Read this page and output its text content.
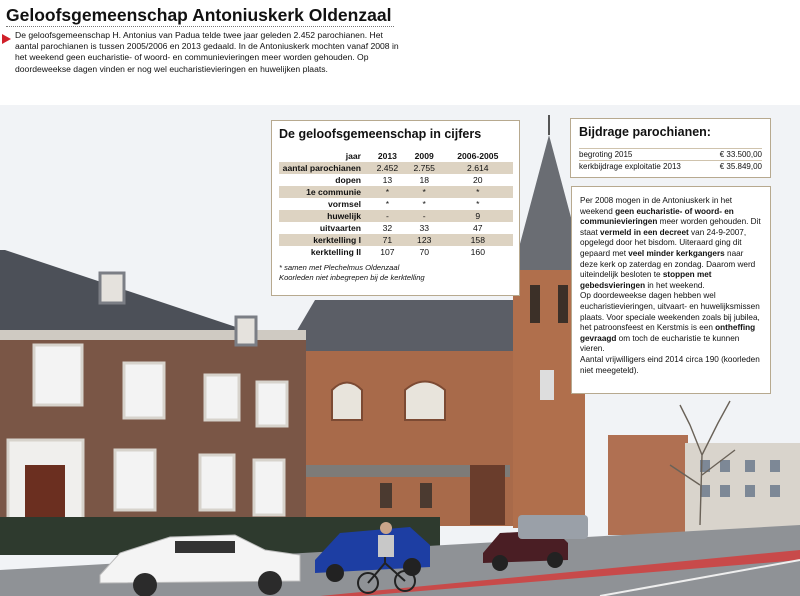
Geloofsgemeenschap Antoniuskerk Oldenzaal

De geloofsgemeenschap H. Antonius van Padua telde twee jaar geleden 2.452 parochianen. Het aantal parochianen is tussen 2005/2006 en 2013 gedaald. In de Antoniuskerk mochten vanaf 2008 in het weekend geen eucharistie- of woord- en communievieringen meer worden gehouden. Op doordeweekse dagen vinden er nog wel eucharistievieringen en huwelijken plaats.

De geloofsgemeenschap in cijfers
jaar	2013	2009	2006-2005
aantal parochianen	2.452	2.755	2.614
dopen	13	18	20
1e communie	*	*	*
vormsel	*	*	*
huwelijk	-	-	9
uitvaarten	32	33	47
kerktelling I	71	123	158
kerktelling II	107	70	160
* samen met Plechelmus Oldenzaal
Koorleden niet inbegrepen bij de kerktelling
Bijdrage parochianen:
begroting 2015	€ 33.500,00
kerkbijdrage exploitatie 2013	€ 35.849,00

Per 2008 mogen in de Antoniuskerk in het weekend geen eucharistie- of woord- en communievieringen meer worden gehouden. Dit staat vermeld in een decreet van 24-9-2007, opgelegd door het bisdom. Uiteraard ging dit gepaard met veel minder kerkgangers naar deze kerk op zaterdag en zondag. Daarom werd uiteindelijk besloten te stoppen met gebedsvieringen in het weekend.

Op doordeweekse dagen hebben wel eucharistievieringen, uitvaart- en huwelijksmissen plaats. Voor speciale weekenden zoals bij jubilea, het patroonsfeest en Kerstmis is een ontheffing gevraagd om toch de eucharistie te kunnen vieren.

Aantal vrijwilligers eind 2014 circa 190 (koorleden niet meegeteld).
